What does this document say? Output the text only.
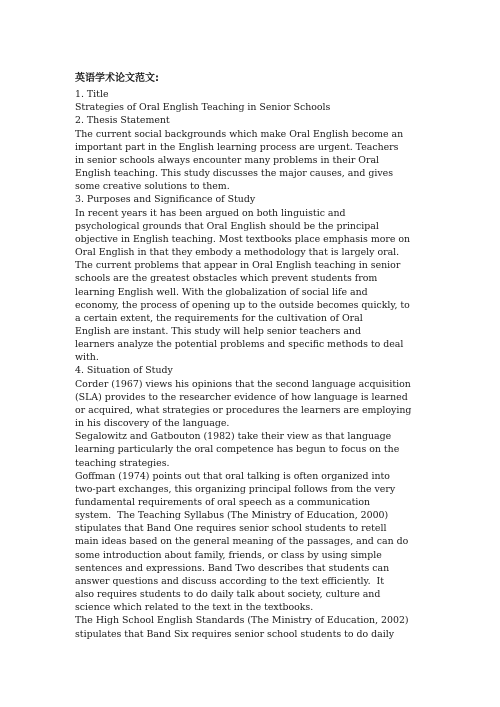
英语学术论文范文:
1. Title
Strategies of Oral English Teaching in Senior Schools
2. Thesis Statement
The current social backgrounds which make Oral English become an
important part in the English learning process are urgent. Teachers
in senior schools always encounter many problems in their Oral
English teaching. This study discusses the major causes, and gives
some creative solutions to them.
3. Purposes and Significance of Study
In recent years it has been argued on both linguistic and
psychological grounds that Oral English should be the principal
objective in English teaching. Most textbooks place emphasis more on
Oral English in that they embody a methodology that is largely oral.
The current problems that appear in Oral English teaching in senior
schools are the greatest obstacles which prevent students from
learning English well. With the globalization of social life and
economy, the process of opening up to the outside becomes quickly, to
a certain extent, the requirements for the cultivation of Oral
English are instant. This study will help senior teachers and
learners analyze the potential problems and specific methods to deal
with.
4. Situation of Study
Corder (1967) views his opinions that the second language acquisition
(SLA) provides to the researcher evidence of how language is learned
or acquired, what strategies or procedures the learners are employing
in his discovery of the language.
Segalowitz and Gatbouton (1982) take their view as that language
learning particularly the oral competence has begun to focus on the
teaching strategies.
Goffman (1974) points out that oral talking is often organized into
two-part exchanges, this organizing principal follows from the very
fundamental requirements of oral speech as a communication
system.  The Teaching Syllabus (The Ministry of Education, 2000)
stipulates that Band One requires senior school students to retell
main ideas based on the general meaning of the passages, and can do
some introduction about family, friends, or class by using simple
sentences and expressions. Band Two describes that students can
answer questions and discuss according to the text efficiently.  It
also requires students to do daily talk about society, culture and
science which related to the text in the textbooks.
The High School English Standards (The Ministry of Education, 2002)
stipulates that Band Six requires senior school students to do daily
